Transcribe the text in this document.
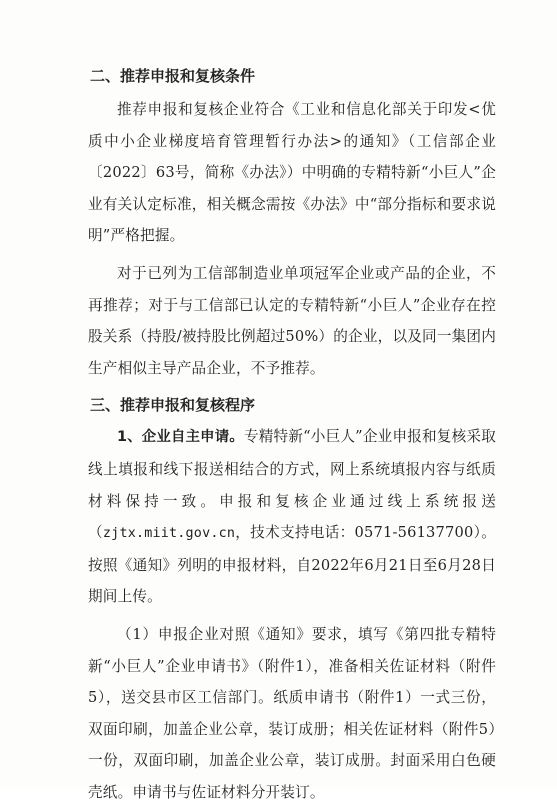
二、推荐申报和复核条件

推荐申报和复核企业符合《工业和信息化部关于印发<优质中小企业梯度培育管理暂行办法>的通知》（工信部企业〔2022〕63号，简称《办法》）中明确的专精特新“小巨人”企业有关认定标准，相关概念需按《办法》中“部分指标和要求说明”严格把握。

对于已列为工信部制造业单项冠军企业或产品的企业，不再推荐；对于与工信部已认定的专精特新“小巨人”企业存在控股关系（持股/被持股比例超过50%）的企业，以及同一集团内生产相似主导产品企业，不予推荐。

三、推荐申报和复核程序

1、企业自主申请。专精特新“小巨人”企业申报和复核采取线上填报和线下报送相结合的方式，网上系统填报内容与纸质材料保持一致。申报和复核企业通过线上系统报送（zjtx.miit.gov.cn，技术支持电话：0571-56137700）。按照《通知》列明的申报材料，自2022年6月21日至6月28日期间上传。

（1）申报企业对照《通知》要求，填写《第四批专精特新“小巨人”企业申请书》（附件1），准备相关佐证材料（附件5），送交县市区工信部门。纸质申请书（附件1）一式三份，双面印刷，加盖企业公章，装订成册；相关佐证材料（附件5）一份，双面印刷，加盖企业公章，装订成册。封面采用白色硬壳纸。申请书与佐证材料分开装订。
